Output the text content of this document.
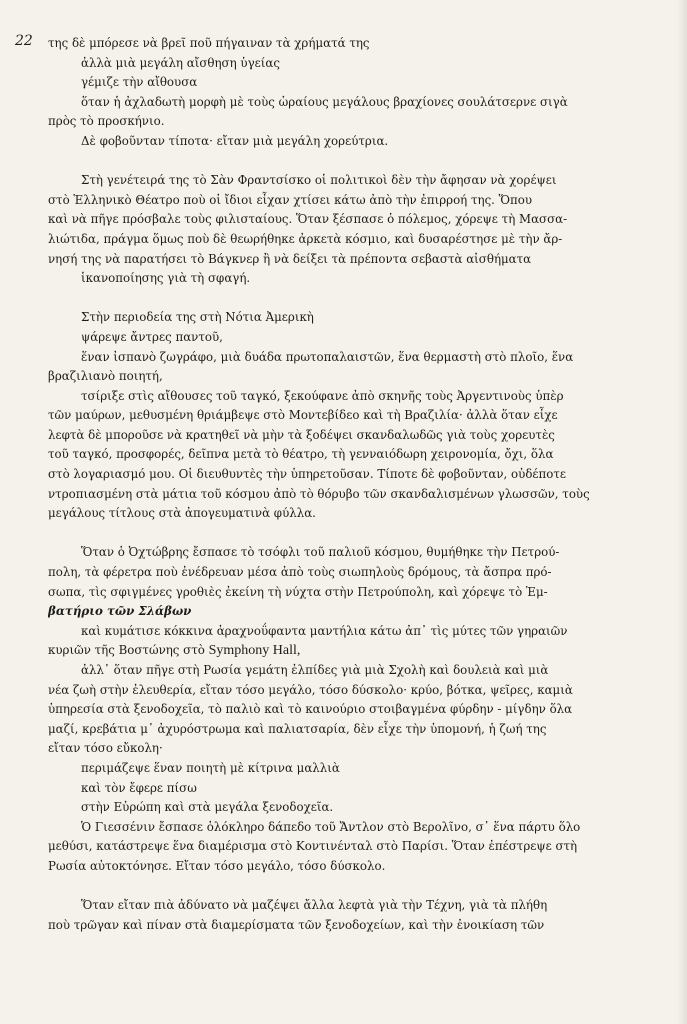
22 της δὲ μπόρεσε νὰ βρεῖ ποῦ πήγαιναν τὰ χρήματά της
ἀλλὰ μιὰ μεγάλη αἴσθηση ὑγείας
γέμιζε τὴν αἴθουσα
ὅταν ἡ ἀχλαδωτὴ μορφὴ μὲ τοὺς ὡραίους μεγάλους βραχίονες σουλάτσερνε σιγὰ
πρὸς τὸ προσκήνιο.
Δὲ φοβοῦνταν τίποτα· εἴταν μιὰ μεγάλη χορεύτρια.
Στὴ γενέτειρά της τὸ Σὰν Φραντσίσκο οἱ πολιτικοὶ δὲν τὴν ἄφησαν νὰ χορέψει
στὸ Ἑλληνικὸ Θέατρο ποὺ οἱ ἴδιοι εἶχαν χτίσει κάτω ἀπὸ τὴν ἐπιρροή της. Ὅπου
καὶ νὰ πῆγε πρόσβαλε τοὺς φιλισταίους. Ὅταν ξέσπασε ὁ πόλεμος, χόρεψε τὴ Μασσα-
λιώτιδα, πράγμα ὅμως ποὺ δὲ θεωρήθηκε ἀρκετὰ κόσμιο, καὶ δυσαρέστησε μὲ τὴν ἄρ-
νησή της νὰ παρατήσει τὸ Βάγκνερ ἢ νὰ δείξει τὰ πρέποντα σεβαστὰ αἰσθήματα
ἱκανοποίησης γιὰ τὴ σφαγή.
Στὴν περιοδεία της στὴ Νότια Ἀμερικὴ
ψάρεψε ἄντρες παντοῦ,
ἕναν ἰσπανὸ ζωγράφο, μιὰ δυάδα πρωτοπαλαιστῶν, ἕνα θερμαστὴ στὸ πλοῖο, ἕνα
βραζιλιανὸ ποιητή,
τσίριξε στὶς αἴθουσες τοῦ ταγκό, ξεκούφανε ἀπὸ σκηνῆς τοὺς Ἀργεντινοὺς ὑπὲρ
τῶν μαύρων, μεθυσμένη θριάμβεψε στὸ Μοντεβίδεο καὶ τὴ Βραζιλία· ἀλλὰ ὅταν εἶχε
λεφτὰ δὲ μποροῦσε νὰ κρατηθεῖ νὰ μὴν τὰ ξοδέψει σκανδαλωδῶς γιὰ τοὺς χορευτὲς
τοῦ ταγκό, προσφορές, δεῖπνα μετὰ τὸ θέατρο, τὴ γενναιόδωρη χειρονομία, ὄχι, ὅλα
στὸ λογαριασμό μου. Οἱ διευθυντὲς τὴν ὑπηρετοῦσαν. Τίποτε δὲ φοβοῦνταν, οὐδέποτε
ντροπιασμένη στὰ μάτια τοῦ κόσμου ἀπὸ τὸ θόρυβο τῶν σκανδαλισμένων γλωσσῶν, τοὺς
μεγάλους τίτλους στὰ ἀπογευματινὰ φύλλα.
Ὅταν ὁ Ὀχτώβρης ἔσπασε τὸ τσόφλι τοῦ παλιοῦ κόσμου, θυμήθηκε τὴν Πετρού-
πολη, τὰ φέρετρα ποὺ ἐνέδρευαν μέσα ἀπὸ τοὺς σιωπηλοὺς δρόμους, τὰ ἄσπρα πρό-
σωπα, τὶς σφιγμένες γροθιὲς ἐκείνη τὴ νύχτα στὴν Πετρούπολη, καὶ χόρεψε τὸ Ἐμ-
βατήριο τῶν Σλάβων
καὶ κυμάτισε κόκκινα ἀραχνοΰφαντα μαντήλια κάτω ἀπ᾽ τὶς μύτες τῶν γηραιῶν
κυριῶν τῆς Βοστώνης στὸ Symphony Hall,
ἀλλ᾽ ὅταν πῆγε στὴ Ρωσία γεμάτη ἐλπίδες γιὰ μιὰ Σχολὴ καὶ δουλειὰ καὶ μιὰ
νέα ζωὴ στὴν ἐλευθερία, εἴταν τόσο μεγάλο, τόσο δύσκολο· κρύο, βότκα, ψεῖρες, καμιὰ
ὑπηρεσία στὰ ξενοδοχεῖα, τὸ παλιὸ καὶ τὸ καινούριο στοιβαγμένα φύρδην - μίγδην ὅλα
μαζί, κρεβάτια μ᾽ ἀχυρόστρωμα καὶ παλιατσαρία, δὲν εἶχε τὴν ὑπομονή, ἡ ζωή της
εἴταν τόσο εὔκολη·
περιμάζεψε ἕναν ποιητὴ μὲ κίτρινα μαλλιὰ
καὶ τὸν ἔφερε πίσω
στὴν Εὐρώπη καὶ στὰ μεγάλα ξενοδοχεῖα.
Ὁ Γιεσσένιν ἔσπασε ὁλόκληρο δάπεδο τοῦ Ἄντλον στὸ Βερολῖνο, σ᾽ ἕνα πάρτυ ὅλο
μεθύσι, κατάστρεψε ἕνα διαμέρισμα στὸ Κοντινένταλ στὸ Παρίσι. Ὅταν ἐπέστρεψε στὴ
Ρωσία αὐτοκτόνησε. Εἴταν τόσο μεγάλο, τόσο δύσκολο.
Ὅταν εἴταν πιὰ ἀδύνατο νὰ μαζέψει ἄλλα λεφτὰ γιὰ τὴν Τέχνη, γιὰ τὰ πλήθη
ποὺ τρῶγαν καὶ πίναν στὰ διαμερίσματα τῶν ξενοδοχείων, καὶ τὴν ἐνοικίαση τῶν
